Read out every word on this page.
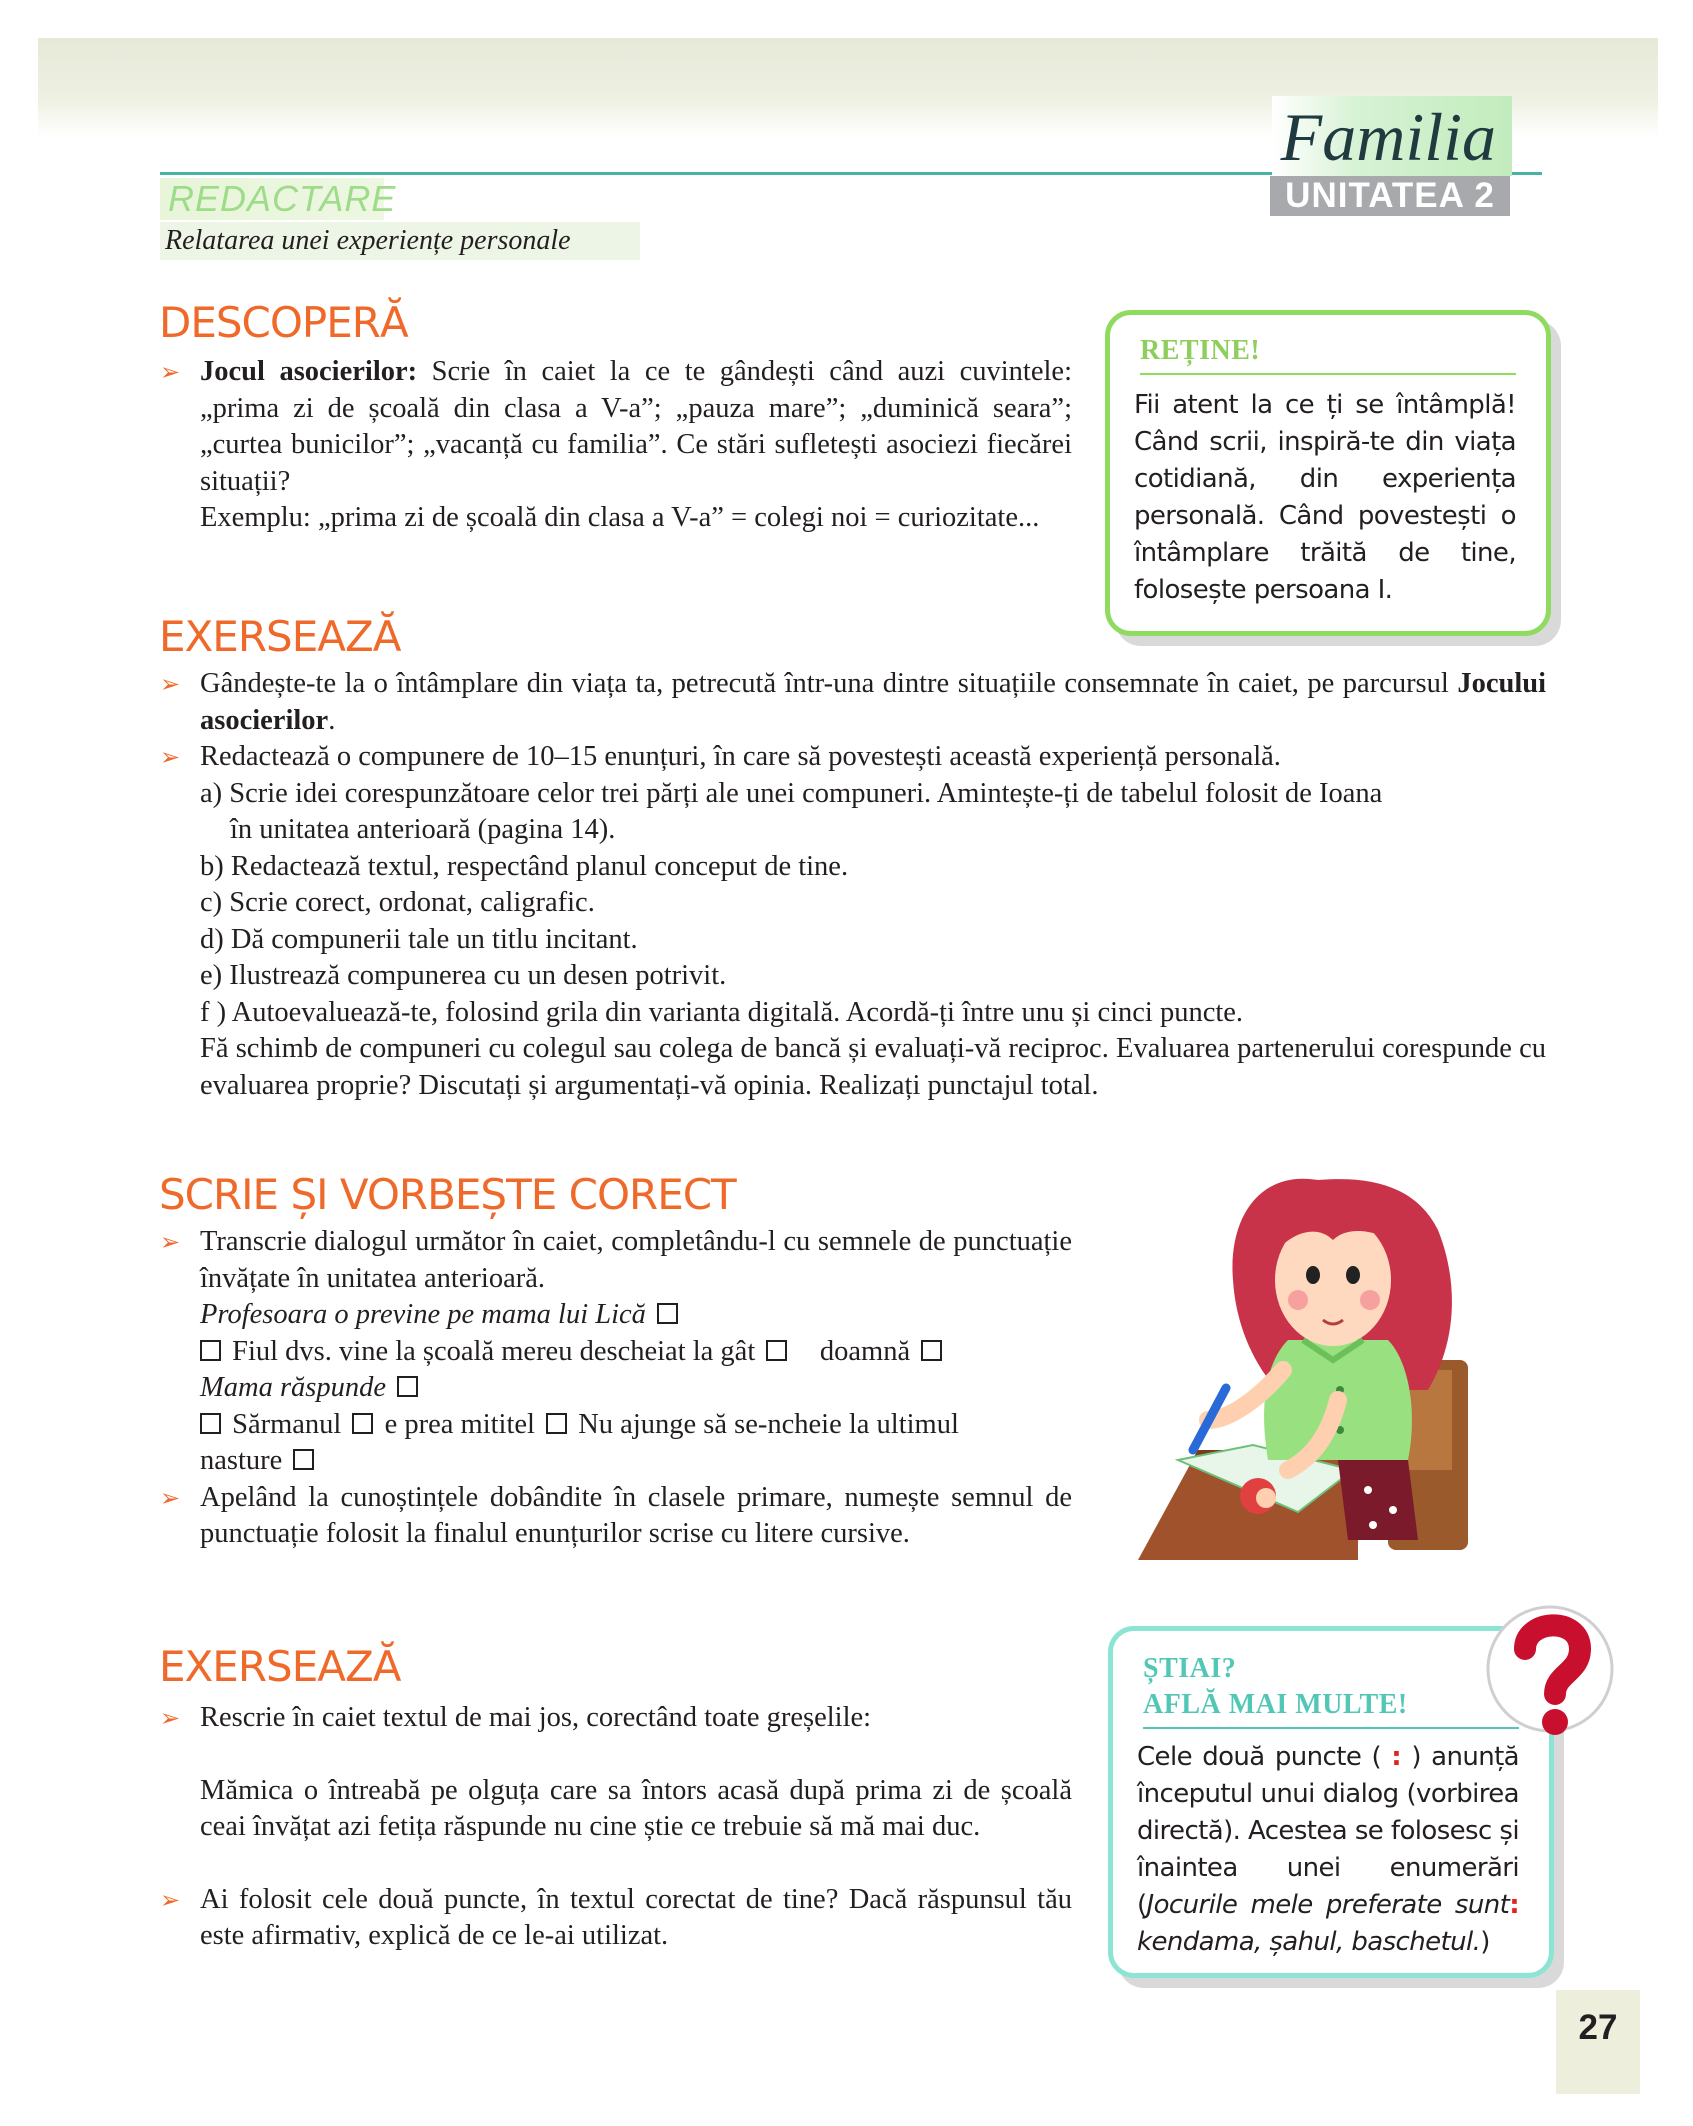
Familia
UNITATEA 2
REDACTARE
Relatarea unei experiențe personale
DESCOPERĂ
➢ Jocul asocierilor: Scrie în caiet la ce te gândești când auzi cuvintele: „prima zi de școală din clasa a V-a”; „pauza mare”; „duminică seara”; „curtea bunicilor”; „vacanță cu familia”. Ce stări sufletești asociezi fiecărei situații?
Exemplu: „prima zi de școală din clasa a V-a” = colegi noi = curiozitate...
REȚINE!
Fii atent la ce ți se întâmplă! Când scrii, inspiră-te din viața cotidiană, din experiența personală. Când povestești o întâmplare trăită de tine, folosește persoana I.
EXERSEAZĂ
➢ Gândește-te la o întâmplare din viața ta, petrecută într-una dintre situațiile consemnate în caiet, pe parcursul Jocului asocierilor.
➢ Redactează o compunere de 10–15 enunțuri, în care să povestești această experiență personală.
a) Scrie idei corespunzătoare celor trei părți ale unei compuneri. Amintește-ți de tabelul folosit de Ioana
în unitatea anterioară (pagina 14).
b) Redactează textul, respectând planul conceput de tine.
c) Scrie corect, ordonat, caligrafic.
d) Dă compunerii tale un titlu incitant.
e) Ilustrează compunerea cu un desen potrivit.
f ) Autoevaluează-te, folosind grila din varianta digitală. Acordă-ți între unu și cinci puncte.
Fă schimb de compuneri cu colegul sau colega de bancă și evaluați-vă reciproc. Evaluarea partenerului corespunde cu evaluarea proprie? Discutați și argumentați-vă opinia. Realizați punctajul total.
SCRIE ȘI VORBEȘTE CORECT
➢ Transcrie dialogul următor în caiet, completându-l cu semnele de punctuație învățate în unitatea anterioară.
Profesoara o previne pe mama lui Lică
Fiul dvs. vine la școală mereu descheiat la gât doamnă
Mama răspunde
Sărmanul e prea mititel Nu ajunge să se-ncheie la ultimul
nasture
➢ Apelând la cunoștințele dobândite în clasele primare, numește semnul de punctuație folosit la finalul enunțurilor scrise cu litere cursive.
EXERSEAZĂ
➢ Rescrie în caiet textul de mai jos, corectând toate greșelile:
Mămica o întreabă pe olguța care sa întors acasă după prima zi de școală ceai învățat azi fetița răspunde nu cine știe ce trebuie să mă mai duc.
➢ Ai folosit cele două puncte, în textul corectat de tine? Dacă răspunsul tău este afirmativ, explică de ce le-ai utilizat.
ȘTIAI?
AFLĂ MAI MULTE!
Cele două puncte ( : ) anunță începutul unui dialog (vorbirea directă). Acestea se folosesc și înaintea unei enumerări (Jocurile mele preferate sunt: kendama, șahul, baschetul.)
27
